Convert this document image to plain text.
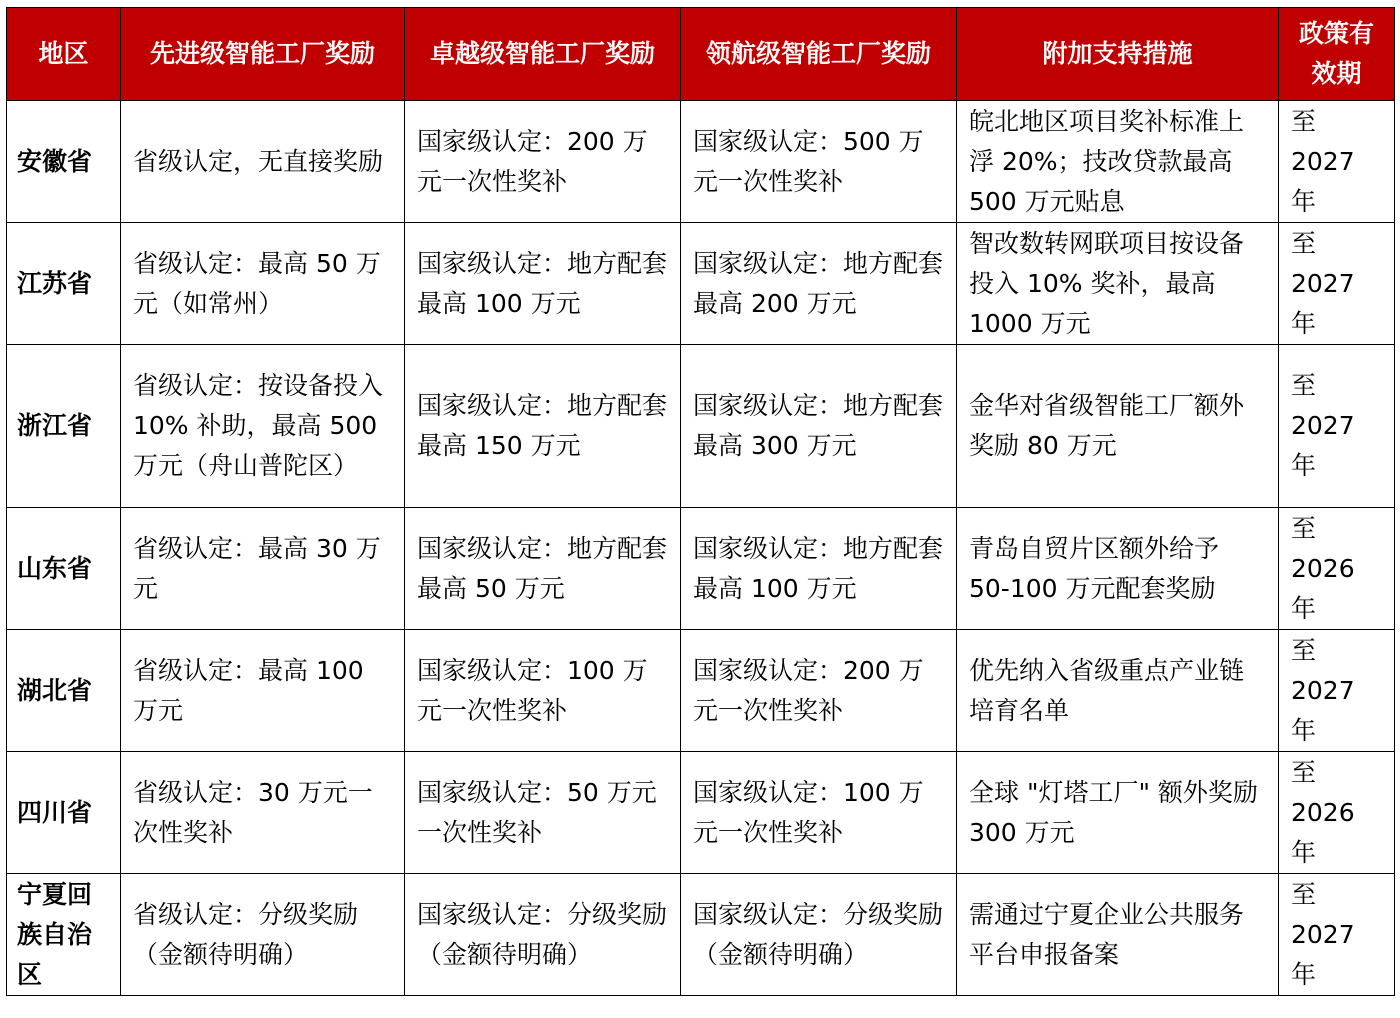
地区	先进级智能工厂奖励	卓越级智能工厂奖励	领航级智能工厂奖励	附加支持措施	政策有效期
安徽省	省级认定，无直接奖励	国家级认定：200 万元一次性奖补	国家级认定：500 万元一次性奖补	皖北地区项目奖补标准上浮 20%；技改贷款最高 500 万元贴息	至 2027 年
江苏省	省级认定：最高 50 万元（如常州）	国家级认定：地方配套最高 100 万元	国家级认定：地方配套最高 200 万元	智改数转网联项目按设备投入 10% 奖补，最高 1000 万元	至 2027 年
浙江省	省级认定：按设备投入 10% 补助，最高 500 万元（舟山普陀区）	国家级认定：地方配套最高 150 万元	国家级认定：地方配套最高 300 万元	金华对省级智能工厂额外奖励 80 万元	至 2027 年
山东省	省级认定：最高 30 万元	国家级认定：地方配套最高 50 万元	国家级认定：地方配套最高 100 万元	青岛自贸片区额外给予 50-100 万元配套奖励	至 2026 年
湖北省	省级认定：最高 100 万元	国家级认定：100 万元一次性奖补	国家级认定：200 万元一次性奖补	优先纳入省级重点产业链培育名单	至 2027 年
四川省	省级认定：30 万元一次性奖补	国家级认定：50 万元一次性奖补	国家级认定：100 万元一次性奖补	全球 "灯塔工厂" 额外奖励 300 万元	至 2026 年
宁夏回族自治区	省级认定：分级奖励（金额待明确）	国家级认定：分级奖励（金额待明确）	国家级认定：分级奖励（金额待明确）	需通过宁夏企业公共服务平台申报备案	至 2027 年
